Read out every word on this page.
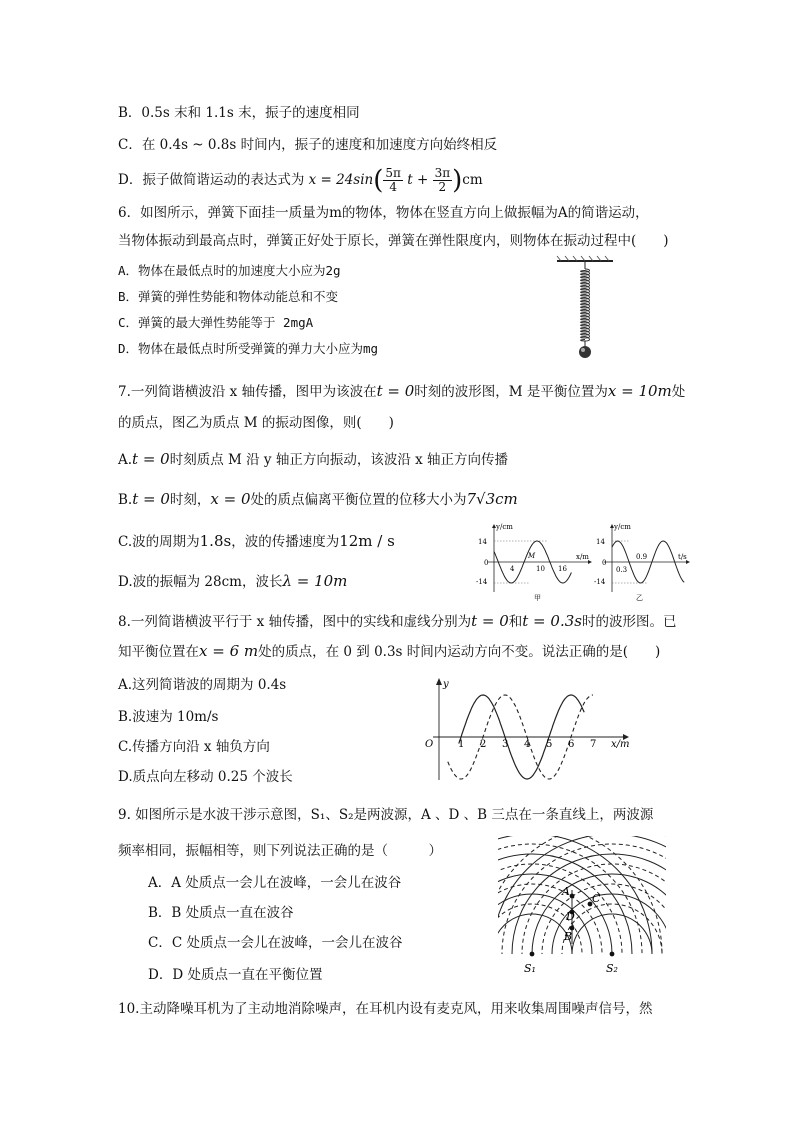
B．0.5s 末和 1.1s 末，振子的速度相同
C．在 0.4s ~ 0.8s 时间内，振子的速度和加速度方向始终相反
D．振子做简谐运动的表达式为 $x = 24\sin( \frac{5\pi}{4}$ $t + \frac{3\pi}{2} )cm$
6．如图所示，弹簧下面挂一质量为m的物体，物体在竖直方向上做振幅为A的简谐运动，
当物体振动到最高点时，弹簧正好处于原长，弹簧在弹性限度内，则物体在振动过程中(　　)
A．物体在最低点时的加速度大小应为2g
B．弹簧的弹性势能和物体动能总和不变
C．弹簧的最大弹性势能等于 2mgA
D．物体在最低点时所受弹簧的弹力大小应为mg
7.一列简谐横波沿 x 轴传播，图甲为该波在t = 0时刻的波形图，M 是平衡位置为x = 10m处
的质点，图乙为质点 M 的振动图像，则(　　)
A.t = 0时刻质点 M 沿 y 轴正方向振动，该波沿 x 轴正方向传播
B.t = 0时刻，x = 0处的质点偏离平衡位置的位移大小为7√3cm
C.波的周期为1.8s，波的传播速度为12m / s
D.波的振幅为 28cm，波长λ = 10m
y/cm
x/m
14
-14
0
4
M
10 16
甲
y/cm
t/s
14
-14
0
0.3
0.9
乙
8.一列简谐横波平行于 x 轴传播，图中的实线和虚线分别为t = 0和t = 0.3s时的波形图。已
知平衡位置在x = 6 m处的质点，在 0 到 0.3s 时间内运动方向不变。说法正确的是(　　)
A.这列简谐波的周期为 0.4s
B.波速为 10m/s
C.传播方向沿 x 轴负方向
D.质点向左移动 0.25 个波长
y
O	x/m
1 2 3 4 5 6 7
9. 如图所示是水波干涉示意图，S₁、S₂是两波源，A 、D 、B 三点在一条直线上，两波源
频率相同，振幅相等，则下列说法正确的是（　　　）
A．A 处质点一会儿在波峰，一会儿在波谷
B．B 处质点一直在波谷
C．C 处质点一会儿在波峰，一会儿在波谷
D．D 处质点一直在平衡位置
A
C
D
B
S₁	S₂
10.主动降噪耳机为了主动地消除噪声，在耳机内设有麦克风，用来收集周围噪声信号，然
